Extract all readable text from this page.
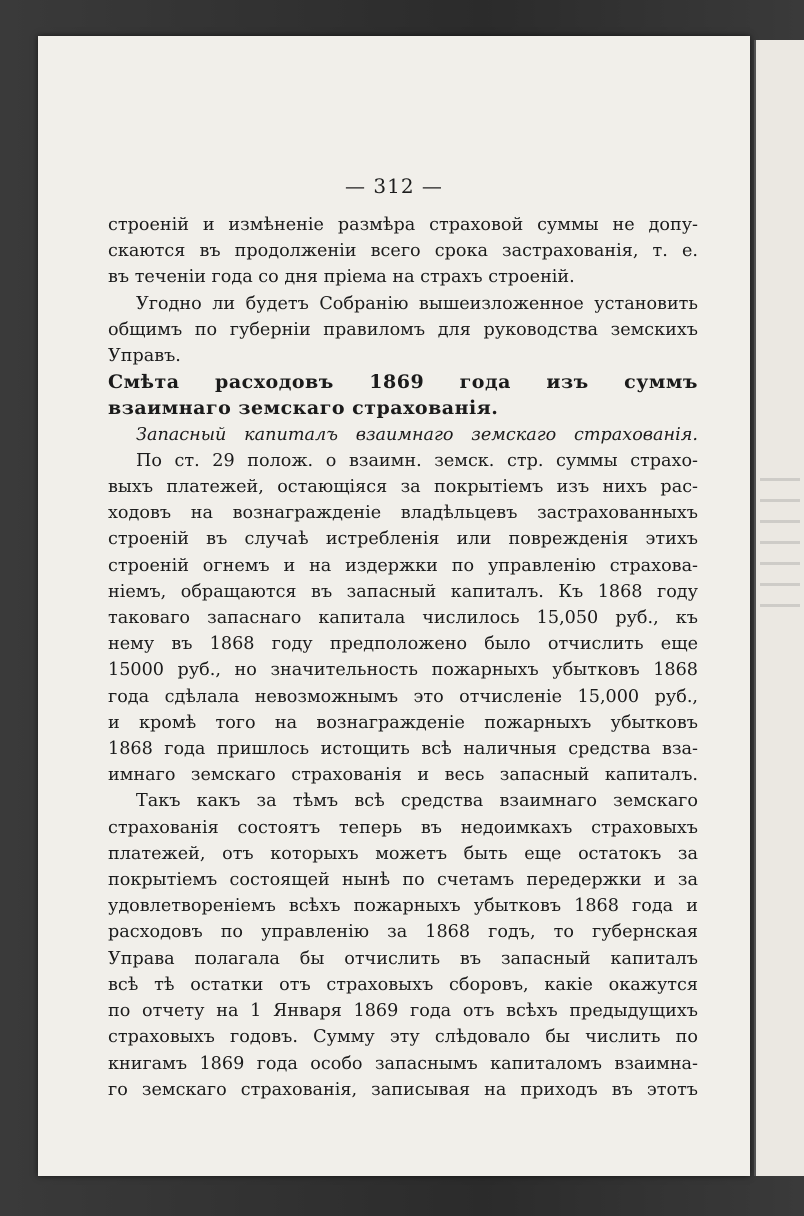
— 312 —
строеній и измѣненіе размѣра страховой суммы не допу-
скаются въ продолженіи всего срока застрахованія, т. е.
въ теченіи года со дня пріема на страхъ строеній.
Угодно ли будетъ Собранію вышеизложенное установить
общимъ по губерніи правиломъ для руководства земскихъ
Управъ.
Смѣта расходовъ 1869 года изъ суммъ
взаимнаго земскаго страхованія.
Запасный капиталъ взаимнаго земскаго страхованія.
По ст. 29 полож. о взаимн. земск. стр. суммы страхо-
выхъ платежей, остающіяся за покрытіемъ изъ нихъ рас-
ходовъ на вознагражденіе владѣльцевъ застрахованныхъ
строеній въ случаѣ истребленія или поврежденія этихъ
строеній огнемъ и на издержки по управленію страхова-
ніемъ, обращаются въ запасный капиталъ. Къ 1868 году
таковаго запаснаго капитала числилось 15,050 руб., къ
нему въ 1868 году предположено было отчислить еще
15000 руб., но значительность пожарныхъ убытковъ 1868
года сдѣлала невозможнымъ это отчисленіе 15,000 руб.,
и кромѣ того на вознагражденіе пожарныхъ убытковъ
1868 года пришлось истощить всѣ наличныя средства вза-
имнаго земскаго страхованія и весь запасный капиталъ.
Такъ какъ за тѣмъ всѣ средства взаимнаго земскаго
страхованія состоятъ теперь въ недоимкахъ страховыхъ
платежей, отъ которыхъ можетъ быть еще остатокъ за
покрытіемъ состоящей нынѣ по счетамъ передержки и за
удовлетвореніемъ всѣхъ пожарныхъ убытковъ 1868 года и
расходовъ по управленію за 1868 годъ, то губернская
Управа полагала бы отчислить въ запасный капиталъ
всѣ тѣ остатки отъ страховыхъ сборовъ, какіе окажутся
по отчету на 1 Января 1869 года отъ всѣхъ предыдущихъ
страховыхъ годовъ. Сумму эту слѣдовало бы числить по
книгамъ 1869 года особо запаснымъ капиталомъ взаимна-
го земскаго страхованія, записывая на приходъ въ этотъ
